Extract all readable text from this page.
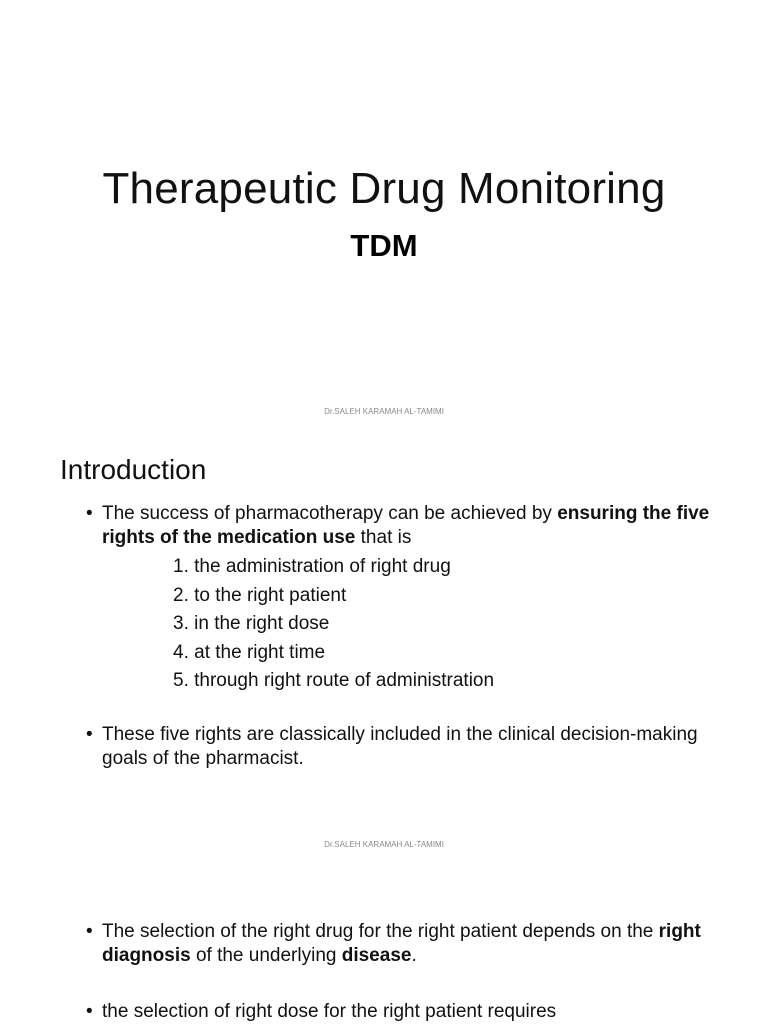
Therapeutic Drug Monitoring
TDM
Dr.SALEH KARAMAH AL-TAMIMI
Introduction
• The success of pharmacotherapy can be achieved by ensuring the five rights of the medication use that is
1. the administration of right drug
2. to the right patient
3. in the right dose
4. at the right time
5. through right route of administration
• These five rights are classically included in the clinical decision-making goals of the pharmacist.
Dr.SALEH KARAMAH AL-TAMIMI
• The selection of the right drug for the right patient depends on the right diagnosis of the underlying disease.
• the selection of right dose for the right patient requires
